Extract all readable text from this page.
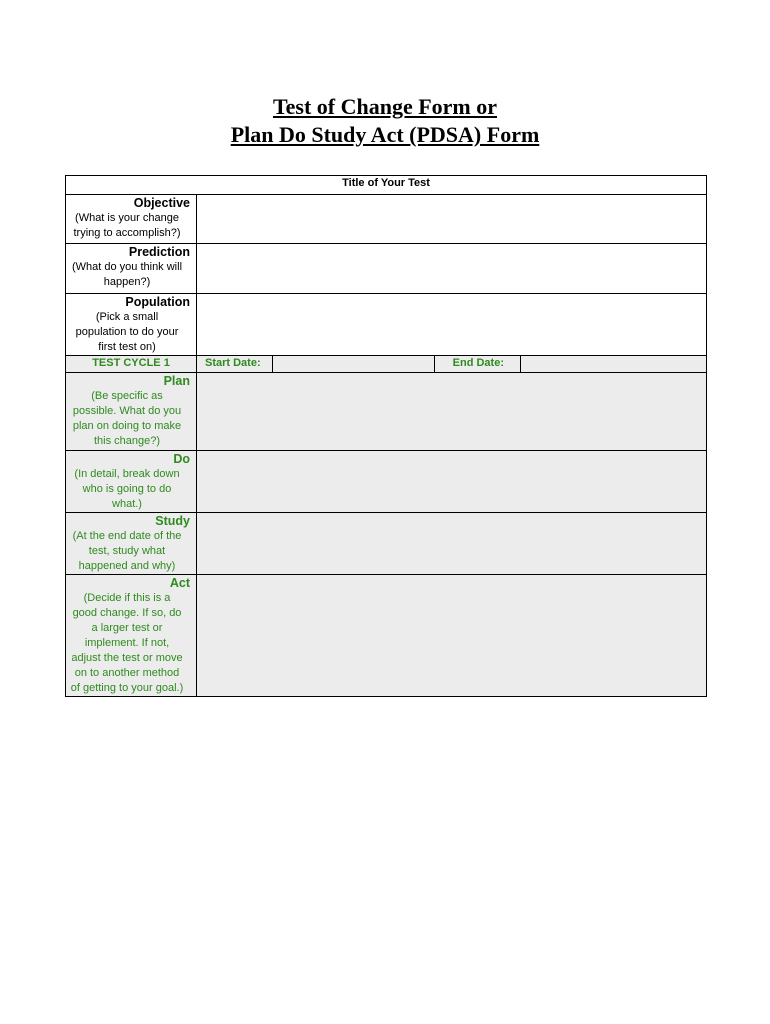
Test of Change Form or
Plan Do Study Act (PDSA) Form
Title of Your Test				

Objective
(What is your change trying to accomplish?)				

Prediction
(What do you think will happen?)				

Population
(Pick a small population to do your first test on)				

TEST CYCLE 1	Start Date:		End Date:	

Plan
(Be specific as possible. What do you plan on doing to make this change?)				

Do
(In detail, break down who is going to do what.)				

Study
(At the end date of the test, study what happened and why)				

Act
(Decide if this is a good change. If so, do a larger test or implement. If not, adjust the test or move on to another method of getting to your goal.)				
